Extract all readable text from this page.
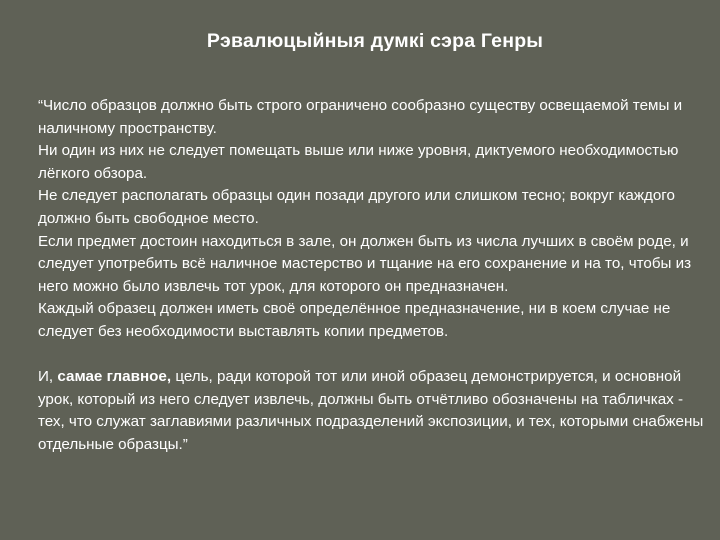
Рэвалюцыйныя думкі сэра Генры

“Число образцов должно быть строго ограничено сообразно существу освещаемой темы и наличному пространству.

Ни один из них не следует помещать выше или ниже уровня, диктуемого необходимостью лёгкого обзора.

Не следует располагать образцы один позади другого или слишком тесно; вокруг каждого должно быть свободное место.

Если предмет достоин находиться в зале, он должен быть из числа лучших в своём роде, и следует употребить всё наличное мастерство и тщание на его сохранение и на то, чтобы из него можно было извлечь тот урок, для которого он предназначен.

Каждый образец должен иметь своё определённое предназначение, ни в коем случае не следует без необходимости выставлять копии предметов.

И, самае главное, цель, ради которой тот или иной образец демонстрируется, и основной урок, который из него следует извлечь, должны быть отчётливо обозначены на табличках - тех, что служат заглавиями различных подразделений экспозиции, и тех, которыми снабжены отдельные образцы.”
